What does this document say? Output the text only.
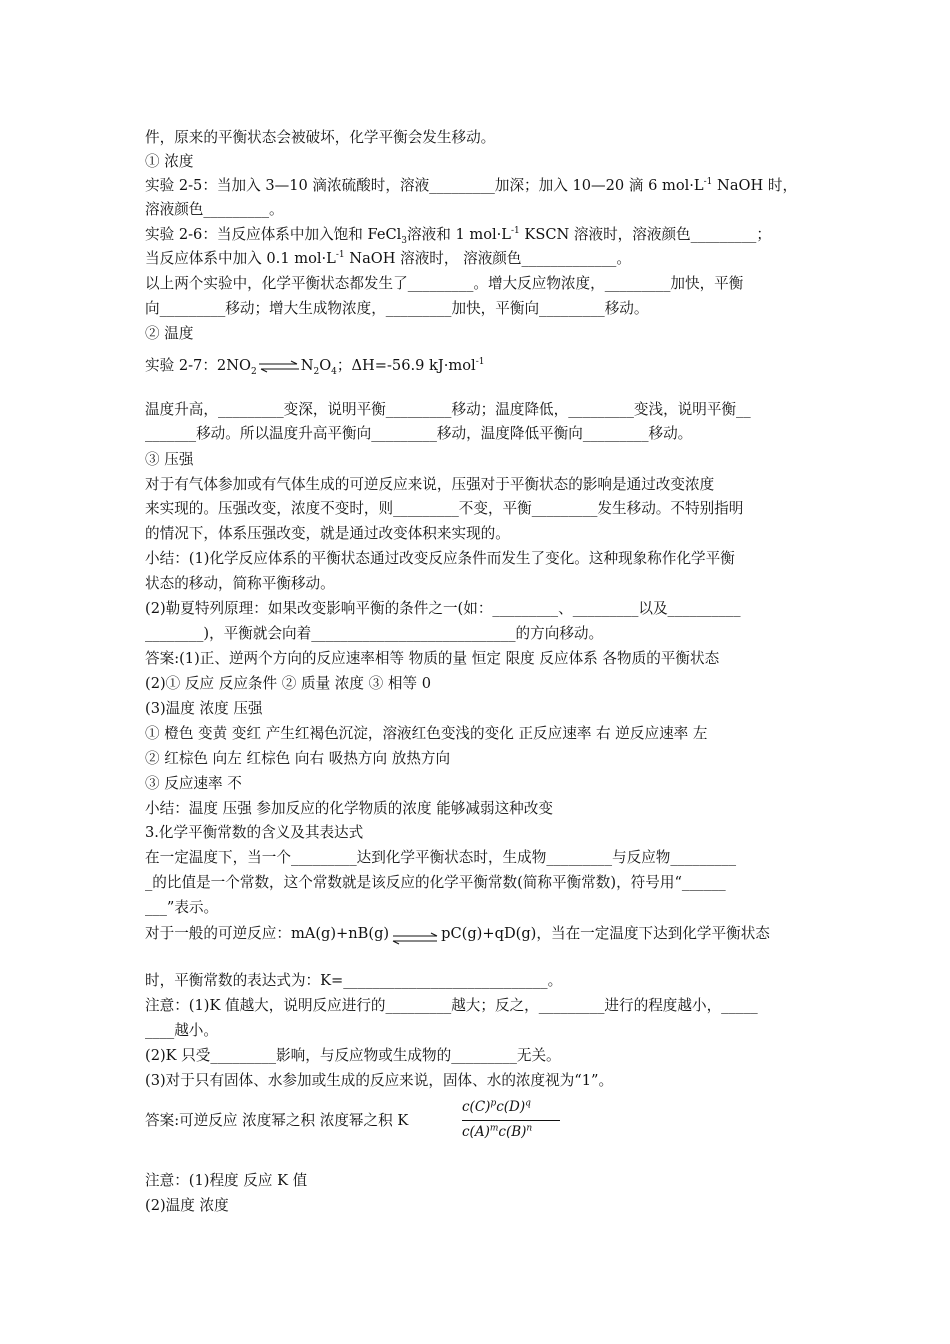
件，原来的平衡状态会被破坏，化学平衡会发生移动。
① 浓度
实验 2-5：当加入 3—10 滴浓硫酸时，溶液_________加深；加入 10—20 滴 6 $mol\cdot L^{-1}$ NaOH 时，
溶液颜色_________。
实验 2-6：当反应体系中加入饱和 FeCl$_3$溶液和 1 $mol\cdot L^{-1}$ KSCN 溶液时，溶液颜色_________；
当反应体系中加入 0.1 $mol\cdot L^{-1}$ NaOH 溶液时， 溶液颜色_____________。
以上两个实验中，化学平衡状态都发生了_________。增大反应物浓度，_________加快，平衡
向_________移动；增大生成物浓度，_________加快，平衡向_________移动。
② 温度
实验 2-7：$2NO_2\rightleftharpoons N_2O_4$；ΔH=-56.9 kJ·mol$^{-1}$
温度升高，_________变深，说明平衡_________移动；温度降低，_________变浅，说明平衡__
_______移动。所以温度升高平衡向_________移动，温度降低平衡向_________移动。
③ 压强
对于有气体参加或有气体生成的可逆反应来说，压强对于平衡状态的影响是通过改变浓度
来实现的。压强改变，浓度不变时，则_________不变，平衡_________发生移动。不特别指明
的情况下，体系压强改变，就是通过改变体积来实现的。
小结：(1)化学反应体系的平衡状态通过改变反应条件而发生了变化。这种现象称作化学平衡
状态的移动，简称平衡移动。
(2)勒夏特列原理：如果改变影响平衡的条件之一(如：_________、_________以及__________
________)，平衡就会向着____________________________的方向移动。
答案:(1)正、逆两个方向的反应速率相等 物质的量 恒定 限度 反应体系 各物质的平衡状态
(2)① 反应 反应条件 ② 质量 浓度 ③ 相等 0
(3)温度 浓度 压强
① 橙色 变黄 变红 产生红褐色沉淀，溶液红色变浅的变化 正反应速率 右 逆反应速率 左
② 红棕色 向左 红棕色 向右 吸热方向 放热方向
③ 反应速率 不
小结：温度 压强 参加反应的化学物质的浓度 能够减弱这种改变
3.化学平衡常数的含义及其表达式
在一定温度下，当一个_________达到化学平衡状态时，生成物_________与反应物_________
_的比值是一个常数，这个常数就是该反应的化学平衡常数(简称平衡常数)，符号用“______
___”表示。
对于一般的可逆反应：mA(g)+nB(g)⇌pC(g)+qD(g)，当在一定温度下达到化学平衡状态
时，平衡常数的表达式为：K=____________________________。
注意：(1)K 值越大，说明反应进行的_________越大；反之，_________进行的程度越小，_____
____越小。
(2)K 只受_________影响，与反应物或生成物的_________无关。
(3)对于只有固体、水参加或生成的反应来说，固体、水的浓度视为“1”。
答案:可逆反应 浓度幂之积 浓度幂之积 K
$c(C)^pc(D)^q$
$c(A)^mc(B)^n$
注意：(1)程度 反应 K 值
(2)温度 浓度
